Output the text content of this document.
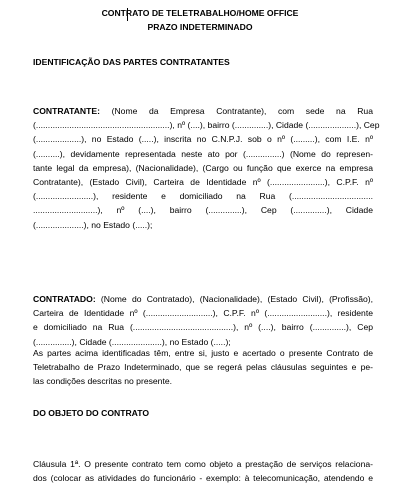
CONTRATO DE TELETRABALHO/HOME OFFICE
PRAZO INDETERMINADO
IDENTIFICAÇÃO DAS PARTES CONTRATANTES
CONTRATANTE: (Nome da Empresa Contratante), com sede na Rua
(........................................................), nº (....), bairro (..............), Cidade (....................), Cep
(...................), no Estado (.....), inscrita no C.N.P.J. sob o nº (.........), com I.E. nº
(..........), devidamente representada neste ato por (...............) (Nome do represen-
tante legal da empresa), (Nacionalidade), (Cargo ou função que exerce na empresa
Contratante), (Estado Civil), Carteira de Identidade nº (.......................), C.P.F. nº
(........................), residente e domiciliado na Rua (..................................
...........................), nº (....), bairro (..............), Cep (..............), Cidade
(....................), no Estado (.....);
CONTRATADO: (Nome do Contratado), (Nacionalidade), (Estado Civil), (Profissão),
Carteira de Identidade nº (............................), C.P.F. nº (.........................), residente
e domiciliado na Rua (..........................................), nº (....), bairro (..............), Cep
(...............), Cidade (.....................), no Estado (.....);
As partes acima identificadas têm, entre si, justo e acertado o presente Contrato de
Teletrabalho de Prazo Indeterminado, que se regerá pelas cláusulas seguintes e pe-
las condições descritas no presente.
DO OBJETO DO CONTRATO
Cláusula 1ª. O presente contrato tem como objeto a prestação de serviços relaciona-
dos (colocar as atividades do funcionário - exemplo: à telecomunicação, atendendo e
